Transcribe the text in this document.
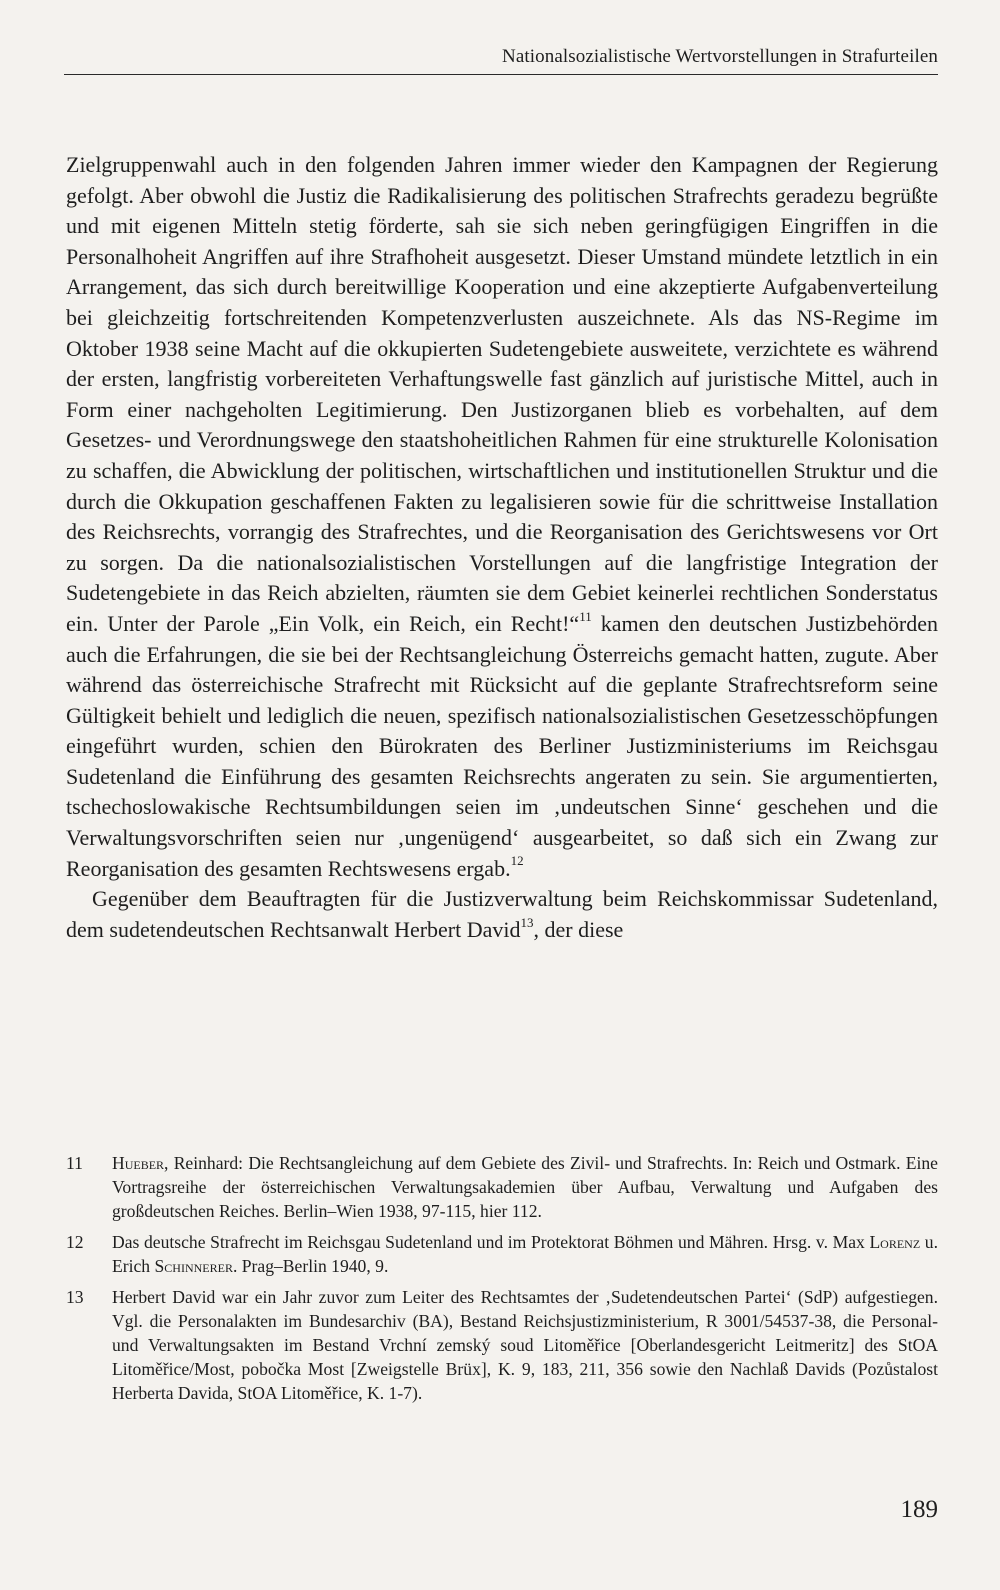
Nationalsozialistische Wertvorstellungen in Strafurteilen

Zielgruppenwahl auch in den folgenden Jahren immer wieder den Kampagnen der Regierung gefolgt. Aber obwohl die Justiz die Radikalisierung des politischen Strafrechts geradezu begrüßte und mit eigenen Mitteln stetig förderte, sah sie sich neben geringfügigen Eingriffen in die Personalhoheit Angriffen auf ihre Strafhoheit ausgesetzt. Dieser Umstand mündete letztlich in ein Arrangement, das sich durch bereitwillige Kooperation und eine akzeptierte Aufgabenverteilung bei gleichzeitig fortschreitenden Kompetenzverlusten auszeichnete. Als das NS-Regime im Oktober 1938 seine Macht auf die okkupierten Sudetengebiete ausweitete, verzichtete es während der ersten, langfristig vorbereiteten Verhaftungswelle fast gänzlich auf juristische Mittel, auch in Form einer nachgeholten Legitimierung. Den Justizorganen blieb es vorbehalten, auf dem Gesetzes- und Verordnungswege den staatshoheitlichen Rahmen für eine strukturelle Kolonisation zu schaffen, die Abwicklung der politischen, wirtschaftlichen und institutionellen Struktur und die durch die Okkupation geschaffenen Fakten zu legalisieren sowie für die schrittweise Installation des Reichsrechts, vorrangig des Strafrechtes, und die Reorganisation des Gerichtswesens vor Ort zu sorgen. Da die nationalsozialistischen Vorstellungen auf die langfristige Integration der Sudetengebiete in das Reich abzielten, räumten sie dem Gebiet keinerlei rechtlichen Sonderstatus ein. Unter der Parole „Ein Volk, ein Reich, ein Recht!“$^{11}$ kamen den deutschen Justizbehörden auch die Erfahrungen, die sie bei der Rechtsangleichung Österreichs gemacht hatten, zugute. Aber während das österreichische Strafrecht mit Rücksicht auf die geplante Strafrechtsreform seine Gültigkeit behielt und lediglich die neuen, spezifisch nationalsozialistischen Gesetzesschöpfungen eingeführt wurden, schien den Bürokraten des Berliner Justizministeriums im Reichsgau Sudetenland die Einführung des gesamten Reichsrechts angeraten zu sein. Sie argumentierten, tschechoslowakische Rechtsumbildungen seien im ‚undeutschen Sinne‘ geschehen und die Verwaltungsvorschriften seien nur ‚ungenügend‘ ausgearbeitet, so daß sich ein Zwang zur Reorganisation des gesamten Rechtswesens ergab.$^{12}$

Gegenüber dem Beauftragten für die Justizverwaltung beim Reichskommissar Sudetenland, dem sudetendeutschen Rechtsanwalt Herbert David$^{13}$, der diese

11	Hueber, Reinhard: Die Rechtsangleichung auf dem Gebiete des Zivil- und Strafrechts. In: Reich und Ostmark. Eine Vortragsreihe der österreichischen Verwaltungsakademien über Aufbau, Verwaltung und Aufgaben des großdeutschen Reiches. Berlin–Wien 1938, 97-115, hier 112.
12	Das deutsche Strafrecht im Reichsgau Sudetenland und im Protektorat Böhmen und Mähren. Hrsg. v. Max Lorenz u. Erich Schinnerer. Prag–Berlin 1940, 9.
13	Herbert David war ein Jahr zuvor zum Leiter des Rechtsamtes der ‚Sudetendeutschen Partei‘ (SdP) aufgestiegen. Vgl. die Personalakten im Bundesarchiv (BA), Bestand Reichsjustizministerium, R 3001/54537-38, die Personal- und Verwaltungsakten im Bestand Vrchní zemský soud Litoměřice [Oberlandesgericht Leitmeritz] des StOA Litoměřice/Most, pobočka Most [Zweigstelle Brüx], K. 9, 183, 211, 356 sowie den Nachlaß Davids (Pozůstalost Herberta Davida, StOA Litoměřice, K. 1-7).
189
